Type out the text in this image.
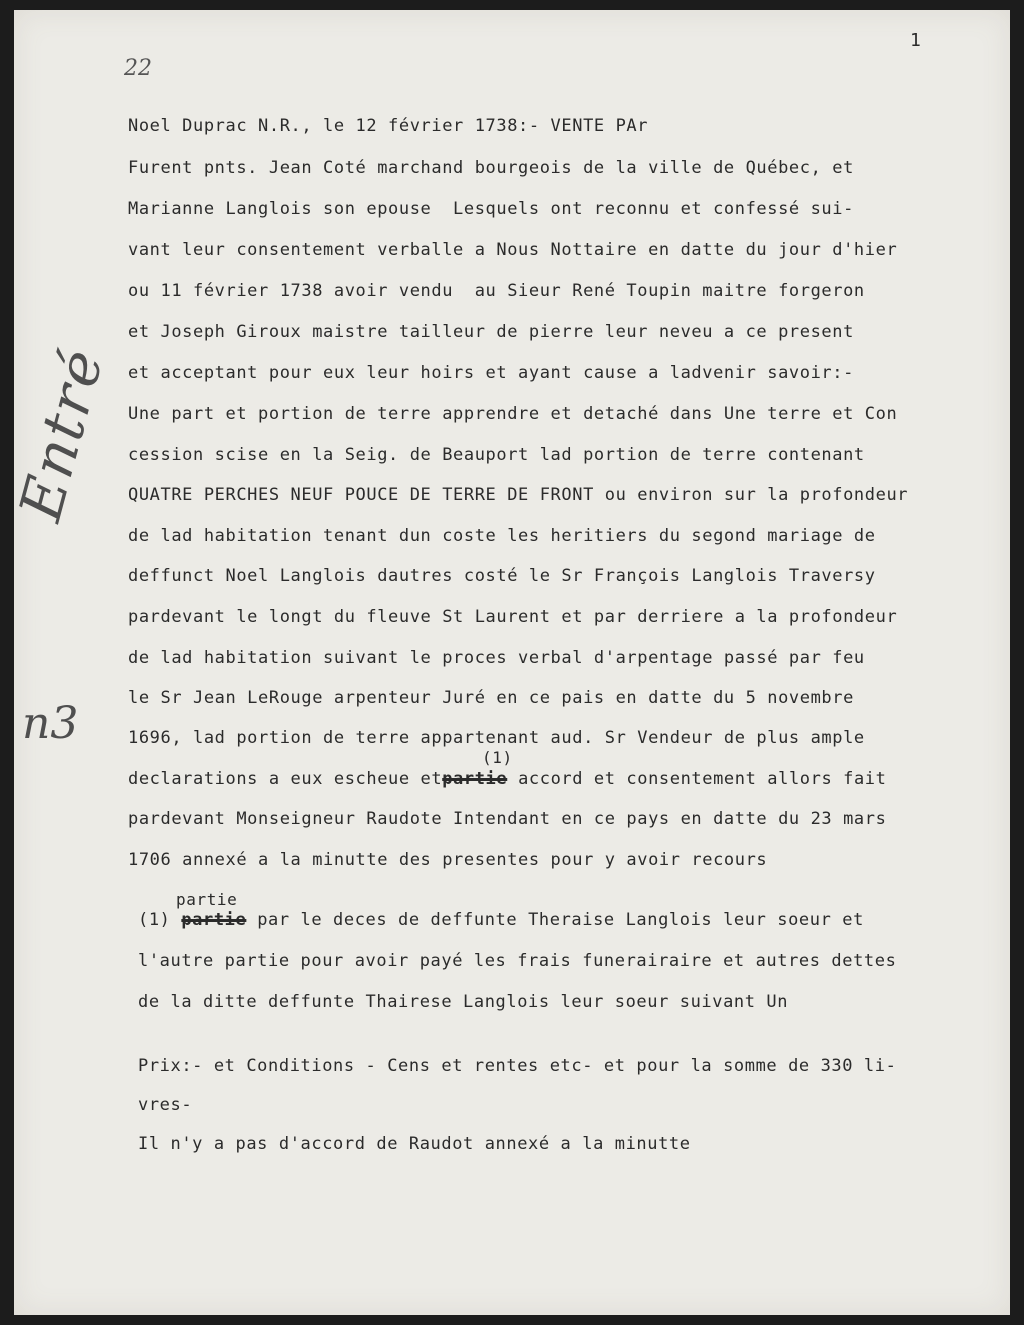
1
22
Entré
n3
Noel Duprac N.R., le 12 février 1738:- VENTE PAr
Furent pnts. Jean Coté marchand bourgeois de la ville de Québec, et
Marianne Langlois son epouse  Lesquels ont reconnu et confessé sui-
vant leur consentement verballe a Nous Nottaire en datte du jour d'hier
ou 11 février 1738 avoir vendu  au Sieur René Toupin maitre forgeron
et Joseph Giroux maistre tailleur de pierre leur neveu a ce present
et acceptant pour eux leur hoirs et ayant cause a ladvenir savoir:-
Une part et portion de terre apprendre et detaché dans Une terre et Con
cession scise en la Seig. de Beauport lad portion de terre contenant
QUATRE PERCHES NEUF POUCE DE TERRE DE FRONT ou environ sur la profondeur
de lad habitation tenant dun coste les heritiers du segond mariage de
deffunct Noel Langlois dautres costé le Sr François Langlois Traversy
pardevant le longt du fleuve St Laurent et par derriere a la profondeur
de lad habitation suivant le proces verbal d'arpentage passé par feu
le Sr Jean LeRouge arpenteur Juré en ce pais en datte du 5 novembre
1696, lad portion de terre appartenant aud. Sr Vendeur de plus ample
(1)
declarations a eux escheue etpartie accord et consentement allors fait
pardevant Monseigneur Raudote Intendant en ce pays en datte du 23 mars
1706 annexé a la minutte des presentes pour y avoir recours
partie
(1) partie par le deces de deffunte Theraise Langlois leur soeur et
l'autre partie pour avoir payé les frais funerairaire et autres dettes
de la ditte deffunte Thairese Langlois leur soeur suivant Un
Prix:- et Conditions - Cens et rentes etc- et pour la somme de 330 li-
vres-
Il n'y a pas d'accord de Raudot annexé a la minutte
